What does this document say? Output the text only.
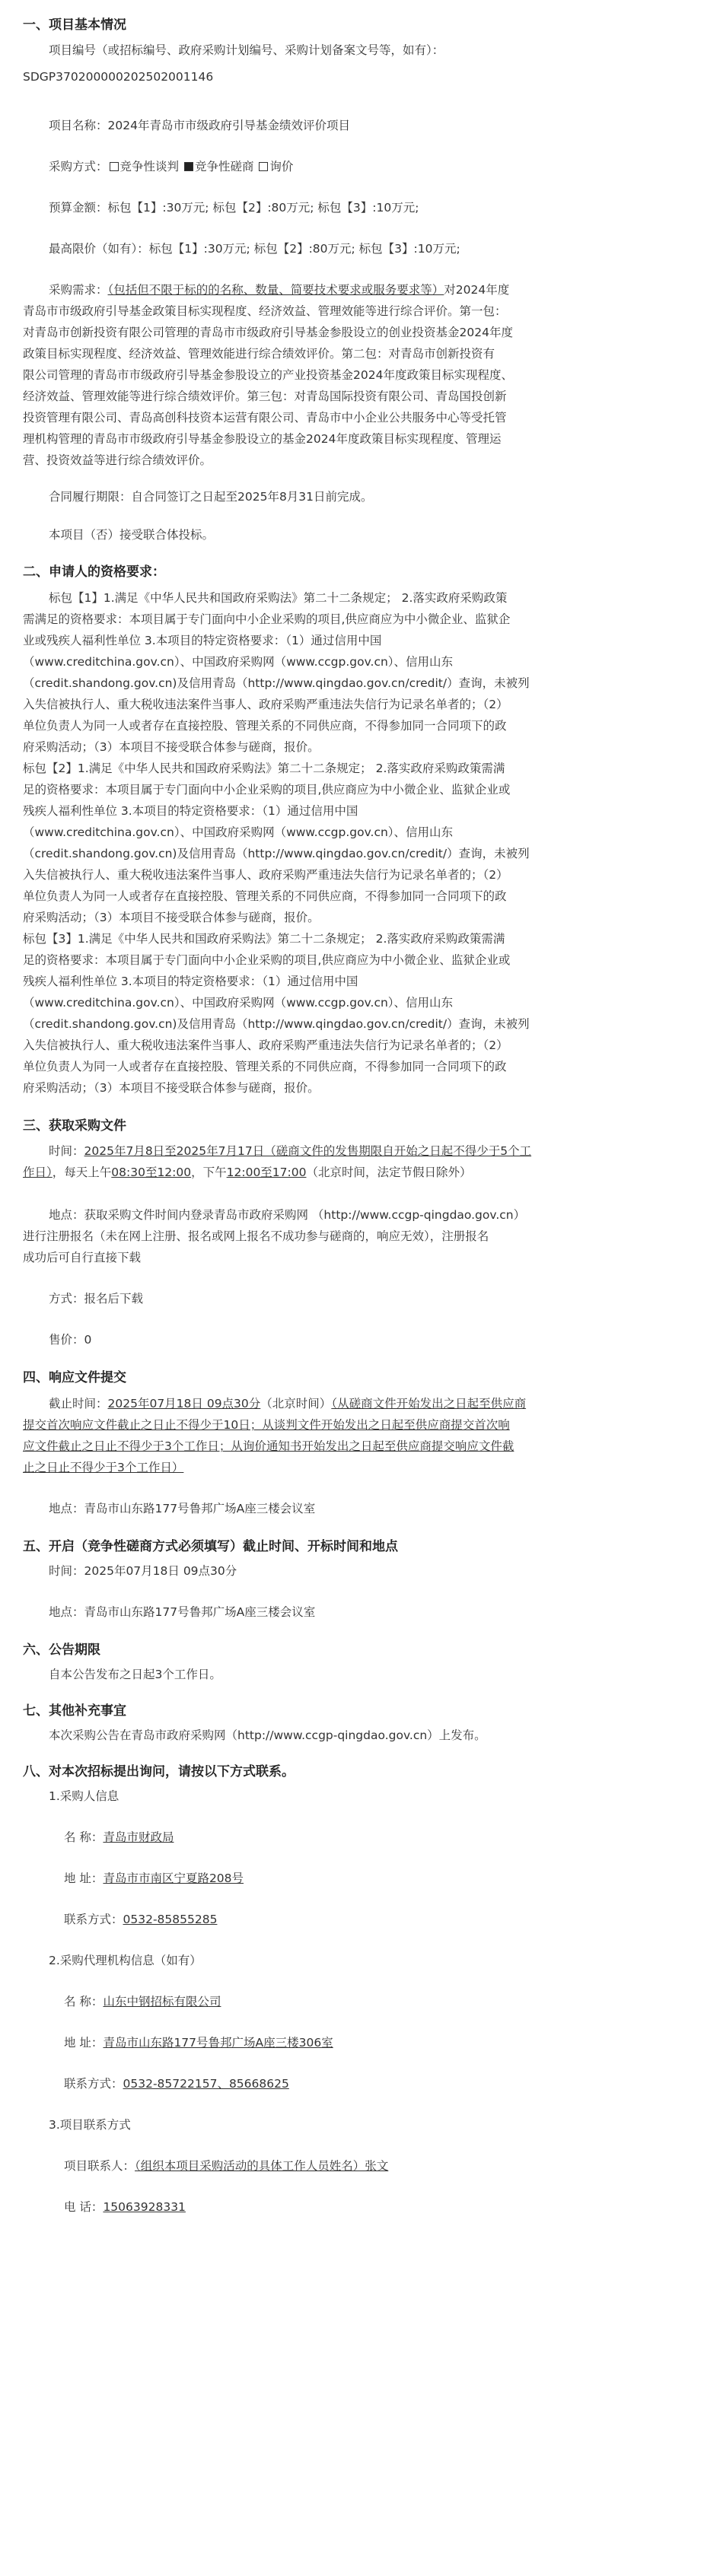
一、项目基本情况
项目编号（或招标编号、政府采购计划编号、采购计划备案文号等，如有）：
SDGP370200000202502001146
项目名称：2024年青岛市市级政府引导基金绩效评价项目
采购方式： 竞争性谈判 竞争性磋商 询价
预算金额：标包【1】:30万元; 标包【2】:80万元; 标包【3】:10万元;
最高限价（如有）：标包【1】:30万元; 标包【2】:80万元; 标包【3】:10万元;
采购需求：（包括但不限于标的的名称、数量、简要技术要求或服务要求等）对2024年度
青岛市市级政府引导基金政策目标实现程度、经济效益、管理效能等进行综合评价。第一包：
对青岛市创新投资有限公司管理的青岛市市级政府引导基金参股设立的创业投资基金2024年度
政策目标实现程度、经济效益、管理效能进行综合绩效评价。第二包：对青岛市创新投资有
限公司管理的青岛市市级政府引导基金参股设立的产业投资基金2024年度政策目标实现程度、
经济效益、管理效能等进行综合绩效评价。第三包：对青岛国际投资有限公司、青岛国投创新
投资管理有限公司、青岛高创科技资本运营有限公司、青岛市中小企业公共服务中心等受托管
理机构管理的青岛市市级政府引导基金参股设立的基金2024年度政策目标实现程度、管理运
营、投资效益等进行综合绩效评价。
合同履行期限：自合同签订之日起至2025年8月31日前完成。
本项目（否）接受联合体投标。
二、申请人的资格要求：
标包【1】1.满足《中华人民共和国政府采购法》第二十二条规定； 2.落实政府采购政策
需满足的资格要求：本项目属于专门面向中小企业采购的项目,供应商应为中小微企业、监狱企
业或残疾人福利性单位 3.本项目的特定资格要求：（1）通过信用中国
（www.creditchina.gov.cn）、中国政府采购网（www.ccgp.gov.cn）、信用山东
（credit.shandong.gov.cn)及信用青岛（http://www.qingdao.gov.cn/credit/）查询，未被列
入失信被执行人、重大税收违法案件当事人、政府采购严重违法失信行为记录名单者的；（2）
单位负责人为同一人或者存在直接控股、管理关系的不同供应商，不得参加同一合同项下的政
府采购活动；（3）本项目不接受联合体参与磋商，报价。
标包【2】1.满足《中华人民共和国政府采购法》第二十二条规定； 2.落实政府采购政策需满
足的资格要求：本项目属于专门面向中小企业采购的项目,供应商应为中小微企业、监狱企业或
残疾人福利性单位 3.本项目的特定资格要求：（1）通过信用中国
（www.creditchina.gov.cn）、中国政府采购网（www.ccgp.gov.cn）、信用山东
（credit.shandong.gov.cn)及信用青岛（http://www.qingdao.gov.cn/credit/）查询，未被列
入失信被执行人、重大税收违法案件当事人、政府采购严重违法失信行为记录名单者的；（2）
单位负责人为同一人或者存在直接控股、管理关系的不同供应商，不得参加同一合同项下的政
府采购活动；（3）本项目不接受联合体参与磋商，报价。
标包【3】1.满足《中华人民共和国政府采购法》第二十二条规定； 2.落实政府采购政策需满
足的资格要求：本项目属于专门面向中小企业采购的项目,供应商应为中小微企业、监狱企业或
残疾人福利性单位 3.本项目的特定资格要求：（1）通过信用中国
（www.creditchina.gov.cn）、中国政府采购网（www.ccgp.gov.cn）、信用山东
（credit.shandong.gov.cn)及信用青岛（http://www.qingdao.gov.cn/credit/）查询，未被列
入失信被执行人、重大税收违法案件当事人、政府采购严重违法失信行为记录名单者的；（2）
单位负责人为同一人或者存在直接控股、管理关系的不同供应商，不得参加同一合同项下的政
府采购活动；（3）本项目不接受联合体参与磋商，报价。
三、获取采购文件
时间：2025年7月8日至2025年7月17日（磋商文件的发售期限自开始之日起不得少于5个工
作日），每天上午08:30至12:00，下午12:00至17:00（北京时间，法定节假日除外）
地点：获取采购文件时间内登录青岛市政府采购网 （http://www.ccgp-qingdao.gov.cn）
进行注册报名（未在网上注册、报名或网上报名不成功参与磋商的，响应无效），注册报名
成功后可自行直接下载
方式：报名后下载
售价：0
四、响应文件提交
截止时间：2025年07月18日 09点30分（北京时间）（从磋商文件开始发出之日起至供应商
提交首次响应文件截止之日止不得少于10日；从谈判文件开始发出之日起至供应商提交首次响
应文件截止之日止不得少于3个工作日；从询价通知书开始发出之日起至供应商提交响应文件截
止之日止不得少于3个工作日）
地点：青岛市山东路177号鲁邦广场A座三楼会议室
五、开启（竞争性磋商方式必须填写）截止时间、开标时间和地点
时间：2025年07月18日 09点30分
地点：青岛市山东路177号鲁邦广场A座三楼会议室
六、公告期限
自本公告发布之日起3个工作日。
七、其他补充事宜
本次采购公告在青岛市政府采购网（http://www.ccgp-qingdao.gov.cn）上发布。
八、对本次招标提出询问，请按以下方式联系。
1.采购人信息
名 称：青岛市财政局
地 址：青岛市市南区宁夏路208号
联系方式：0532-85855285
2.采购代理机构信息（如有）
名 称：山东中钢招标有限公司
地 址：青岛市山东路177号鲁邦广场A座三楼306室
联系方式：0532-85722157、85668625
3.项目联系方式
项目联系人：（组织本项目采购活动的具体工作人员姓名）张文
电 话：15063928331
